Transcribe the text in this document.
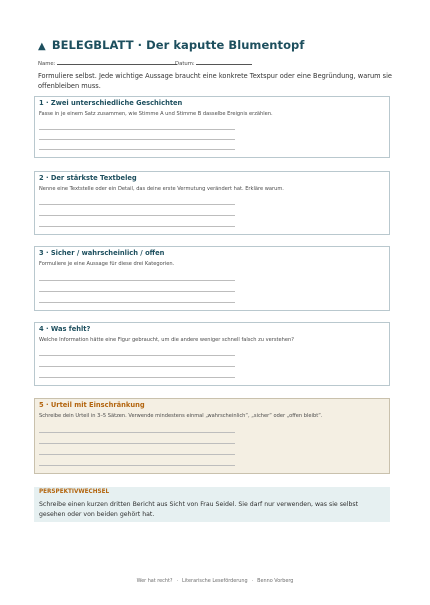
▲ BELEGBLATT · Der kaputte Blumentopf
Name:	Datum:
Formuliere selbst. Jede wichtige Aussage braucht eine konkrete Textspur oder eine Begründung, warum sie offenbleiben muss.
1 · Zwei unterschiedliche Geschichten
Fasse in je einem Satz zusammen, wie Stimme A und Stimme B dasselbe Ereignis erzählen.
2 · Der stärkste Textbeleg
Nenne eine Textstelle oder ein Detail, das deine erste Vermutung verändert hat. Erkläre warum.
3 · Sicher / wahrscheinlich / offen
Formuliere je eine Aussage für diese drei Kategorien.
4 · Was fehlt?
Welche Information hätte eine Figur gebraucht, um die andere weniger schnell falsch zu verstehen?
5 · Urteil mit Einschränkung
Schreibe dein Urteil in 3–5 Sätzen. Verwende mindestens einmal „wahrscheinlich“, „sicher“ oder „offen bleibt“.
PERSPEKTIVWECHSEL
Schreibe einen kurzen dritten Bericht aus Sicht von Frau Seidel. Sie darf nur verwenden, was sie selbst gesehen oder von beiden gehört hat.
Wer hat recht? · Literarische Leseförderung · Benno Vorberg
